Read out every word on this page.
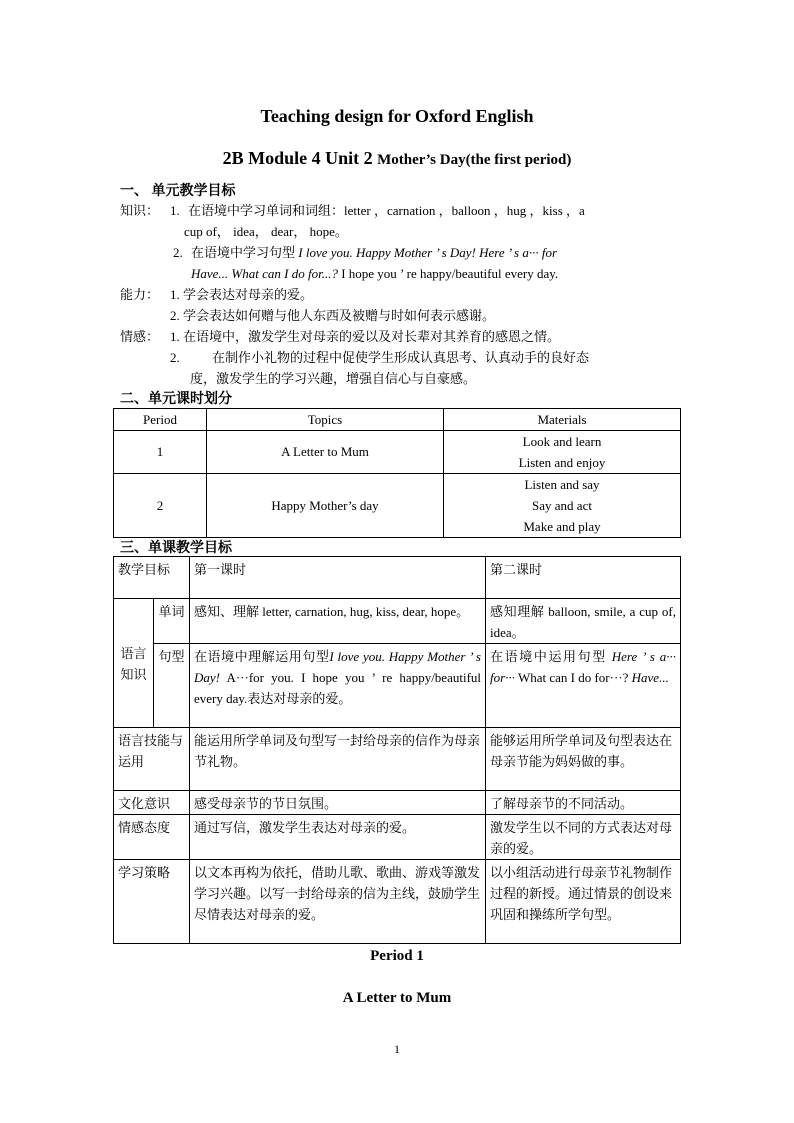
Teaching design for Oxford English
2B Module 4 Unit 2 Mother’s Day(the first period)
一、 单元教学目标
知识： 1. 在语境中学习单词和词组：letter ，carnation ，balloon ，hug ，kiss ，a
cup of， idea， dear， hope。
2. 在语境中学习句型 I love you. Happy Mother ’ s Day! Here ’ s a··· for
Have... What can I do for...? I hope you ’ re happy/beautiful every day.
能力： 1. 学会表达对母亲的爱。
2. 学会表达如何赠与他人东西及被赠与时如何表示感谢。
情感： 1. 在语境中，激发学生对母亲的爱以及对长辈对其养育的感恩之情。
2. 在制作小礼物的过程中促使学生形成认真思考、认真动手的良好态
度，激发学生的学习兴趣，增强自信心与自豪感。
二、单元课时划分
Period	Topics	Materials
1	A Letter to Mum	Look and learn
Listen and enjoy

2	Happy Mother’s day	Listen and say
Say and act
Make and play
三、单课教学目标
教学目标		第一课时	第二课时
语言知识	单词	感知、理解 letter, carnation, hug, kiss, dear, hope。	感知理解 balloon, smile, a cup of, idea。
	句型	在语境中理解运用句型I love you. Happy Mother ’ s Day! A···for you. I hope you ’ re happy/beautiful every day.表达对母亲的爱。	在语境中运用句型 Here ’ s a··· for··· What can I do for···? Have...
语言技能与运用		能运用所学单词及句型写一封给母亲的信作为母亲节礼物。	能够运用所学单词及句型表达在母亲节能为妈妈做的事。
文化意识		感受母亲节的节日氛围。	了解母亲节的不同活动。
情感态度		通过写信，激发学生表达对母亲的爱。	激发学生以不同的方式表达对母亲的爱。
学习策略		以文本再构为依托，借助儿歌、歌曲、游戏等激发学习兴趣。以写一封给母亲的信为主线，鼓励学生尽情表达对母亲的爱。	以小组活动进行母亲节礼物制作过程的新授。通过情景的创设来巩固和操练所学句型。
Period 1
A Letter to Mum
1
